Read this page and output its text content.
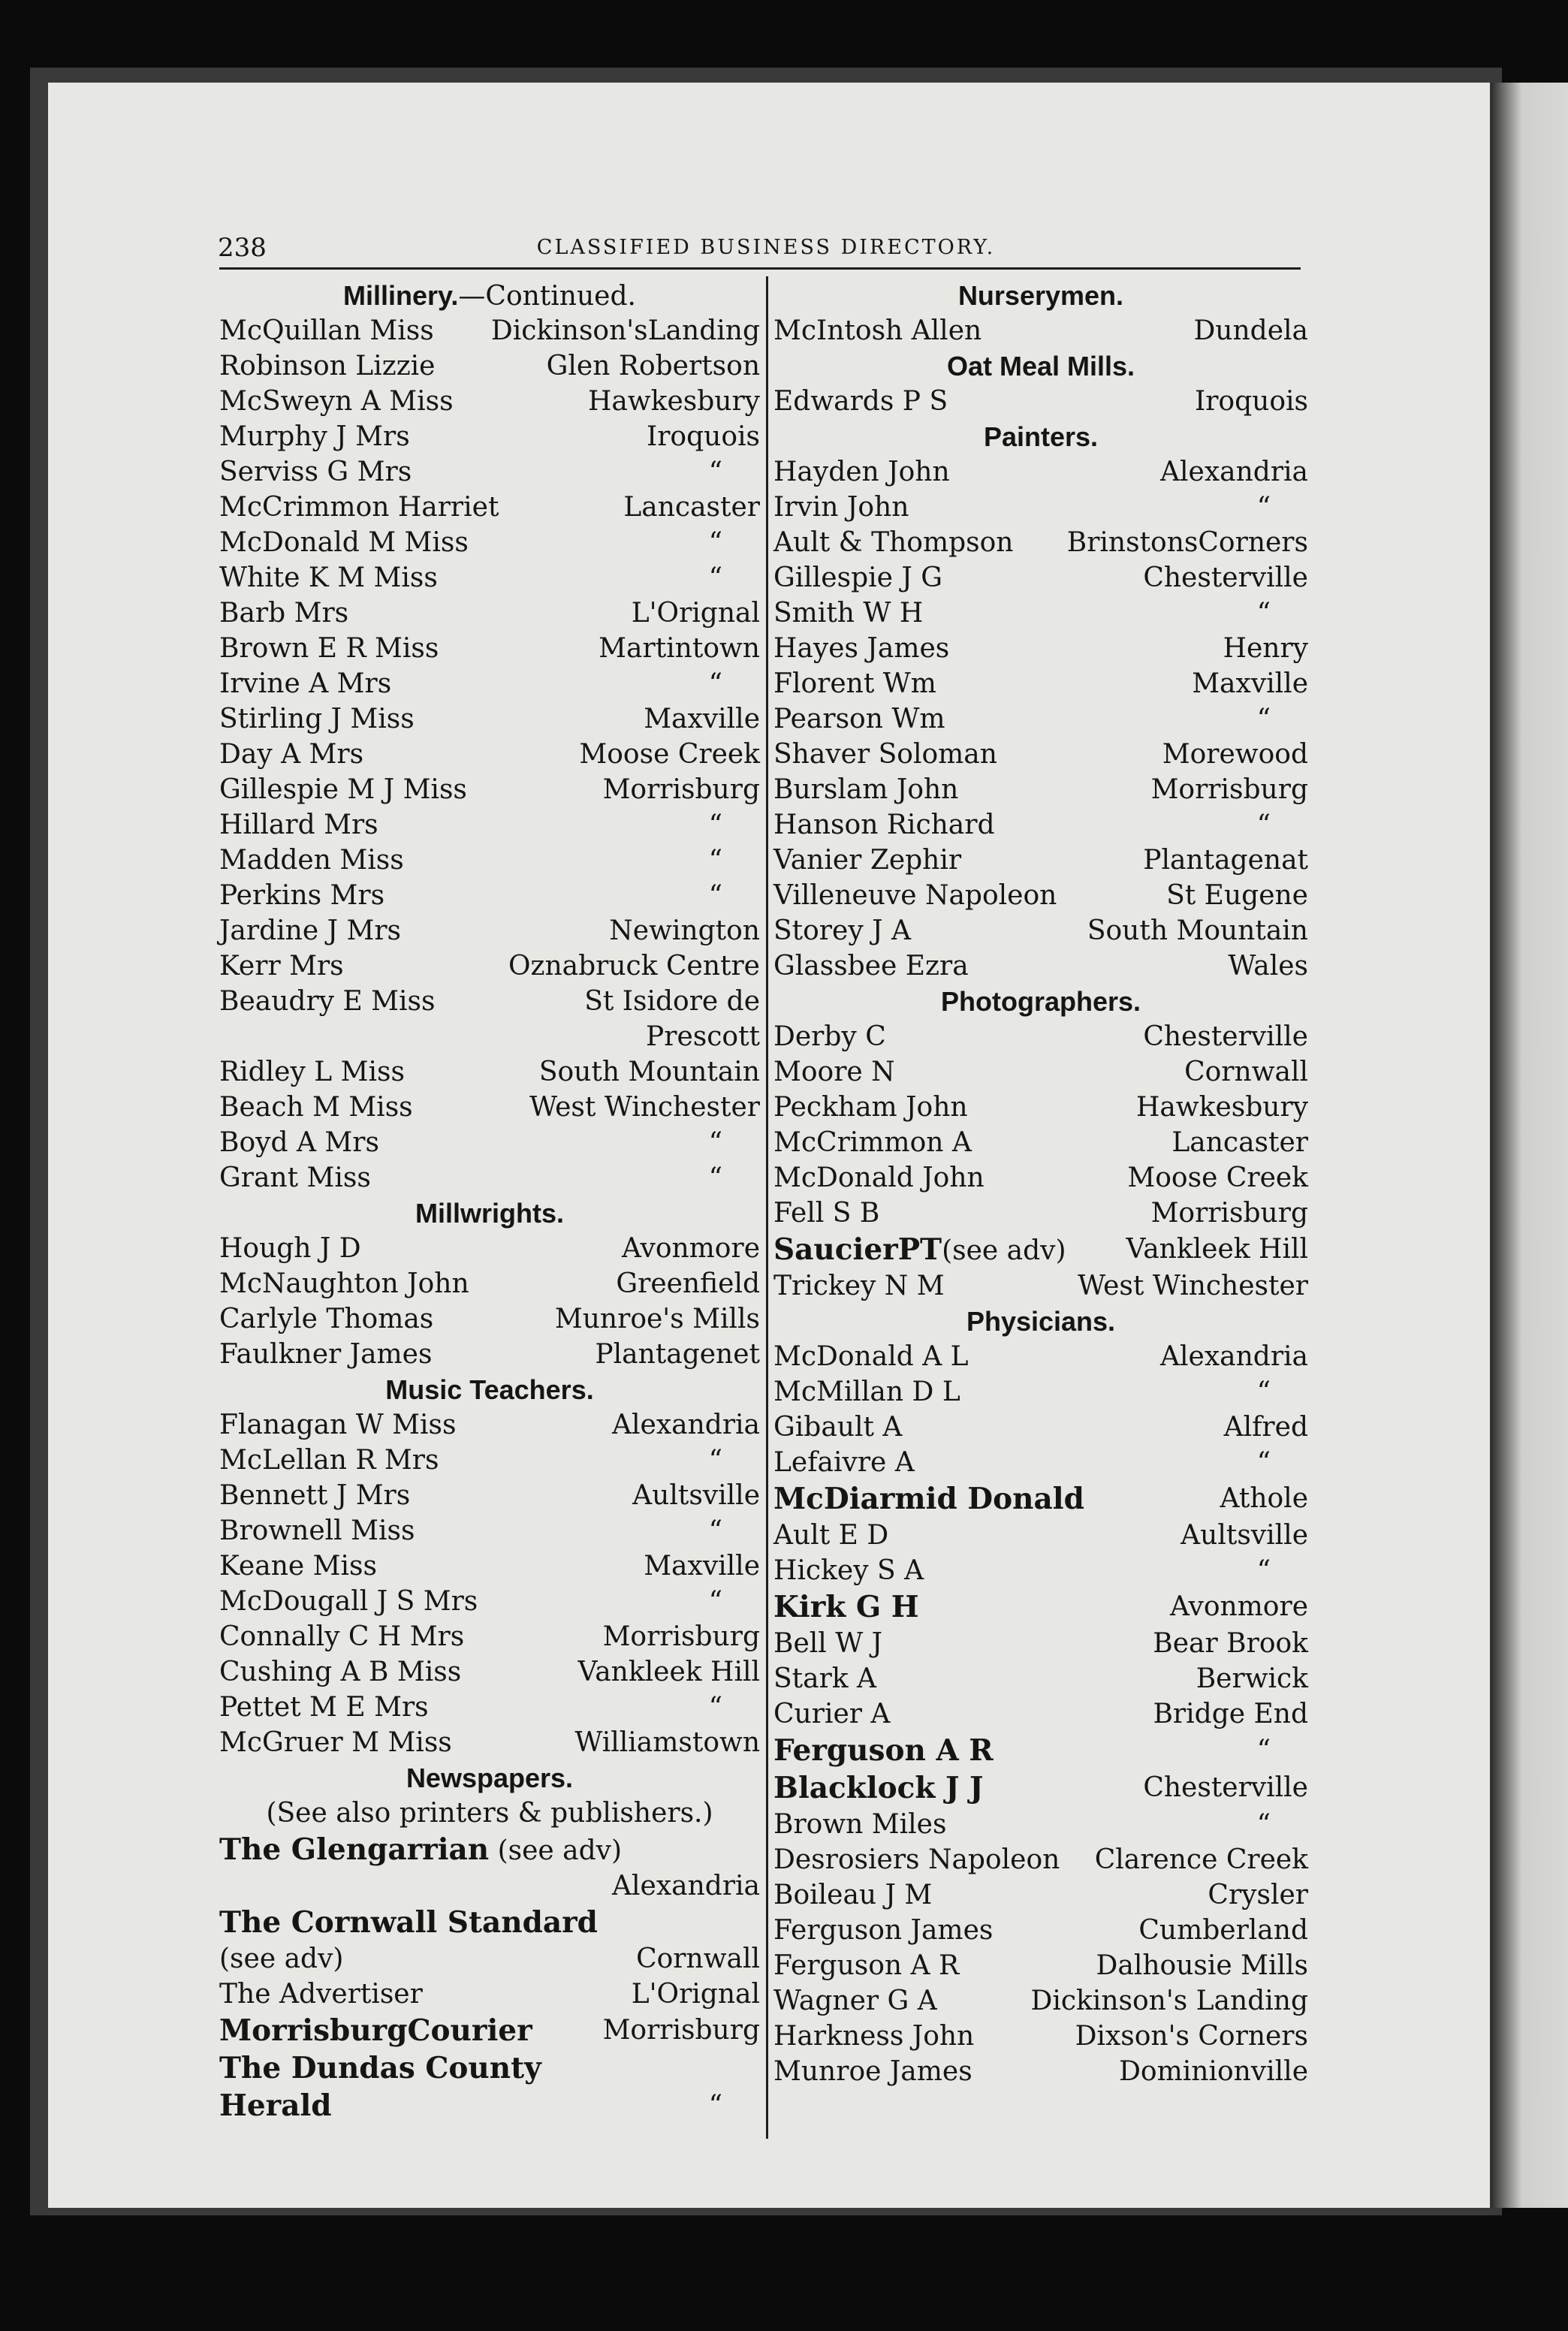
238	CLASSIFIED BUSINESS DIRECTORY.
Millinery.—Continued.
McQuillan Miss Dickinson'sLanding
Robinson Lizzie	Glen Robertson
McSweyn A Miss	Hawkesbury
Murphy J Mrs	Iroquois
Serviss G Mrs	“
McCrimmon Harriet	Lancaster
McDonald M Miss	“
White K M Miss	“
Barb Mrs	L'Orignal
Brown E R Miss	Martintown
Irvine A Mrs	“
Stirling J Miss	Maxville
Day A Mrs	Moose Creek
Gillespie M J Miss	Morrisburg
Hillard Mrs	“
Madden Miss	“
Perkins Mrs	“
Jardine J Mrs	Newington
Kerr Mrs	Oznabruck Centre
Beaudry E Miss	St Isidore de
Prescott
Ridley L Miss	South Mountain
Beach M Miss	West Winchester
Boyd A Mrs	“
Grant Miss	“
Millwrights.
Hough J D	Avonmore
McNaughton John	Greenfield
Carlyle Thomas	Munroe's Mills
Faulkner James	Plantagenet
Music Teachers.
Flanagan W Miss	Alexandria
McLellan R Mrs	“
Bennett J Mrs	Aultsville
Brownell Miss	“
Keane Miss	Maxville
McDougall J S Mrs	“
Connally C H Mrs	Morrisburg
Cushing A B Miss	Vankleek Hill
Pettet M E Mrs	“
McGruer M Miss	Williamstown
Newspapers.
(See also printers & publishers.)
The Glengarrian (see adv)
Alexandria
The Cornwall Standard
(see adv)	Cornwall
The Advertiser	L'Orignal
MorrisburgCourier	Morrisburg
The Dundas County
Herald	“
Nurserymen.
McIntosh Allen	Dundela
Oat Meal Mills.
Edwards P S	Iroquois
Painters.
Hayden John	Alexandria
Irvin John	“
Ault & Thompson BrinstonsCorners
Gillespie J G	Chesterville
Smith W H	“
Hayes James	Henry
Florent Wm	Maxville
Pearson Wm	“
Shaver Soloman	Morewood
Burslam John	Morrisburg
Hanson Richard	“
Vanier Zephir	Plantagenat
Villeneuve Napoleon	St Eugene
Storey J A	South Mountain
Glassbee Ezra	Wales
Photographers.
Derby C	Chesterville
Moore N	Cornwall
Peckham John	Hawkesbury
McCrimmon A	Lancaster
McDonald John	Moose Creek
Fell S B	Morrisburg
SaucierPT(see adv) Vankleek Hill
Trickey N M	West Winchester
Physicians.
McDonald A L	Alexandria
McMillan D L	“
Gibault A	Alfred
Lefaivre A	“
McDiarmid Donald	Athole
Ault E D	Aultsville
Hickey S A	“
Kirk G H	Avonmore
Bell W J	Bear Brook
Stark A	Berwick
Curier A	Bridge End
Ferguson A R	“
Blacklock J J	Chesterville
Brown Miles	“
Desrosiers Napoleon Clarence Creek
Boileau J M	Crysler
Ferguson James	Cumberland
Ferguson A R	Dalhousie Mills
Wagner G A	Dickinson's Landing
Harkness John	Dixson's Corners
Munroe James	Dominionville
